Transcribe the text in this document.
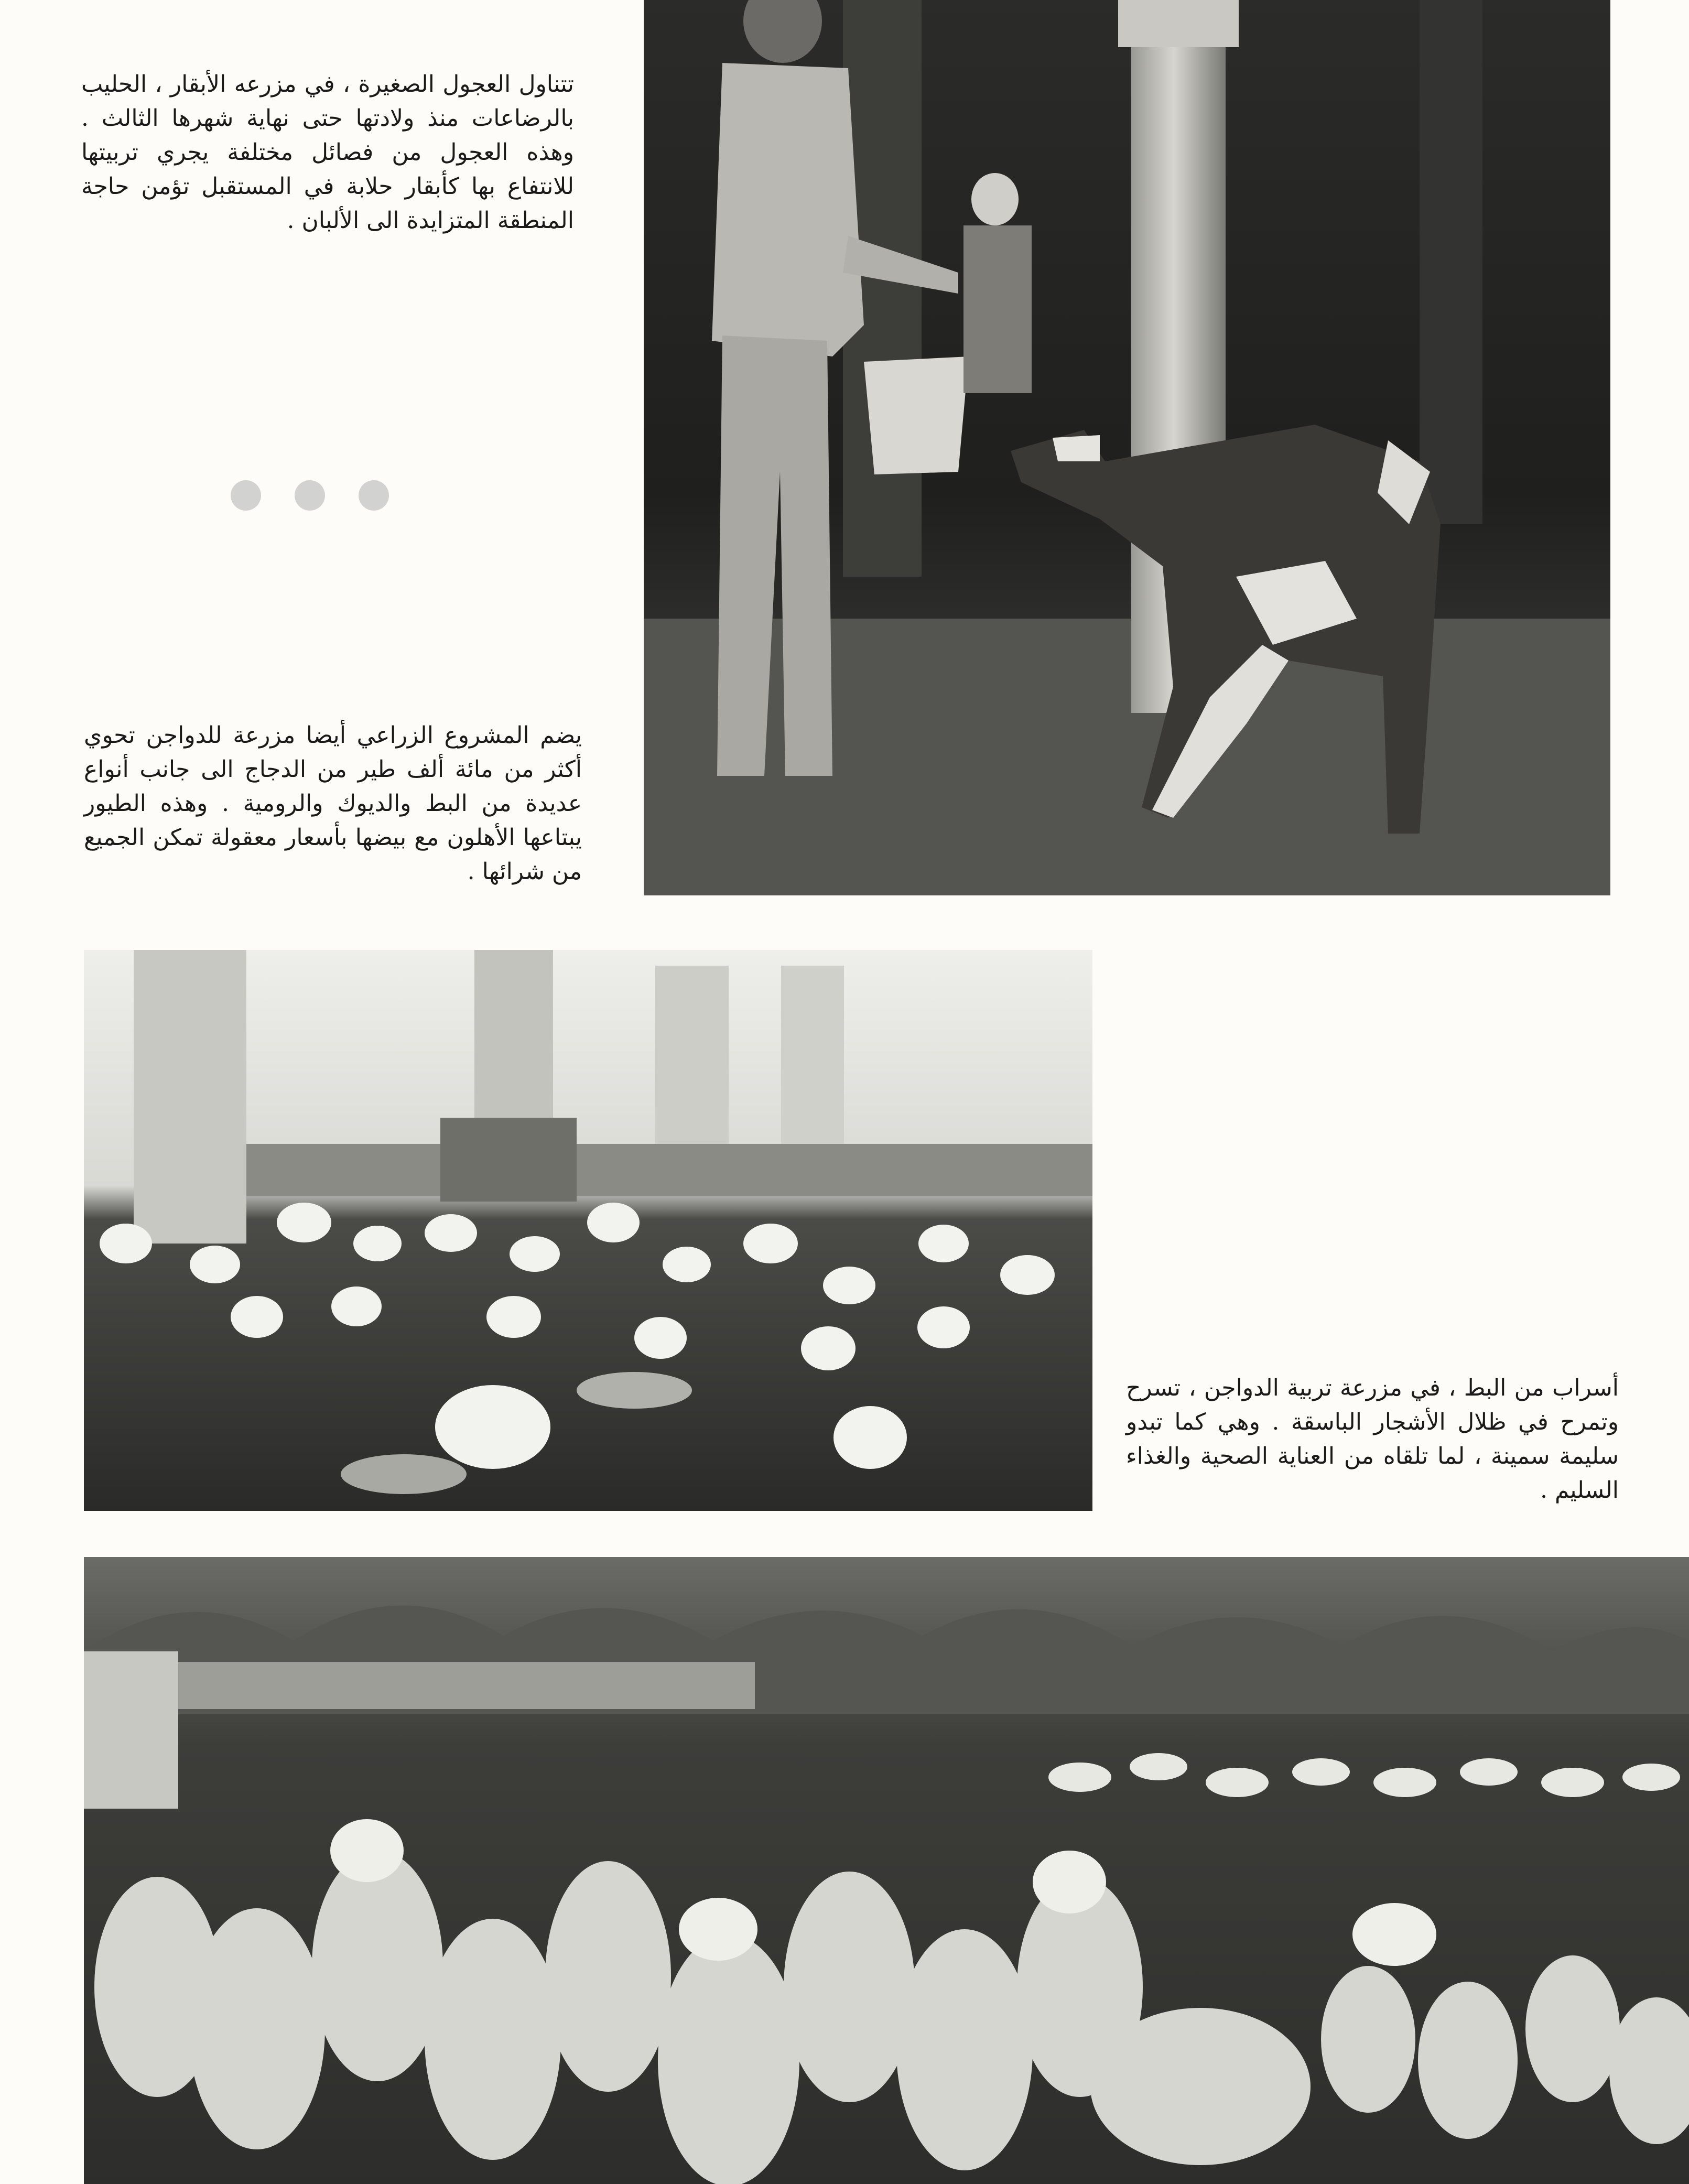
تتناول العجول الصغيرة ، في مزرعه الأبقار ، الحليب بالرضاعات منذ ولادتها حتى نهاية شهرها الثالث . وهذه العجول من فصائل مختلفة يجري تربيتها للانتفاع بها كأبقار حلابة في المستقبل تؤمن حاجة المنطقة المتزايدة الى الألبان .

يضم المشروع الزراعي أيضا مزرعة للدواجن تحوي أكثر من مائة ألف طير من الدجاج الى جانب أنواع عديدة من البط والديوك والرومية . وهذه الطيور يبتاعها الأهلون مع بيضها بأسعار معقولة تمكن الجميع من شرائها .

أسراب من البط ، في مزرعة تربية الدواجن ، تسرح وتمرح في ظلال الأشجار الباسقة . وهي كما تبدو سليمة سمينة ، لما تلقاه من العناية الصحية والغذاء السليم .
